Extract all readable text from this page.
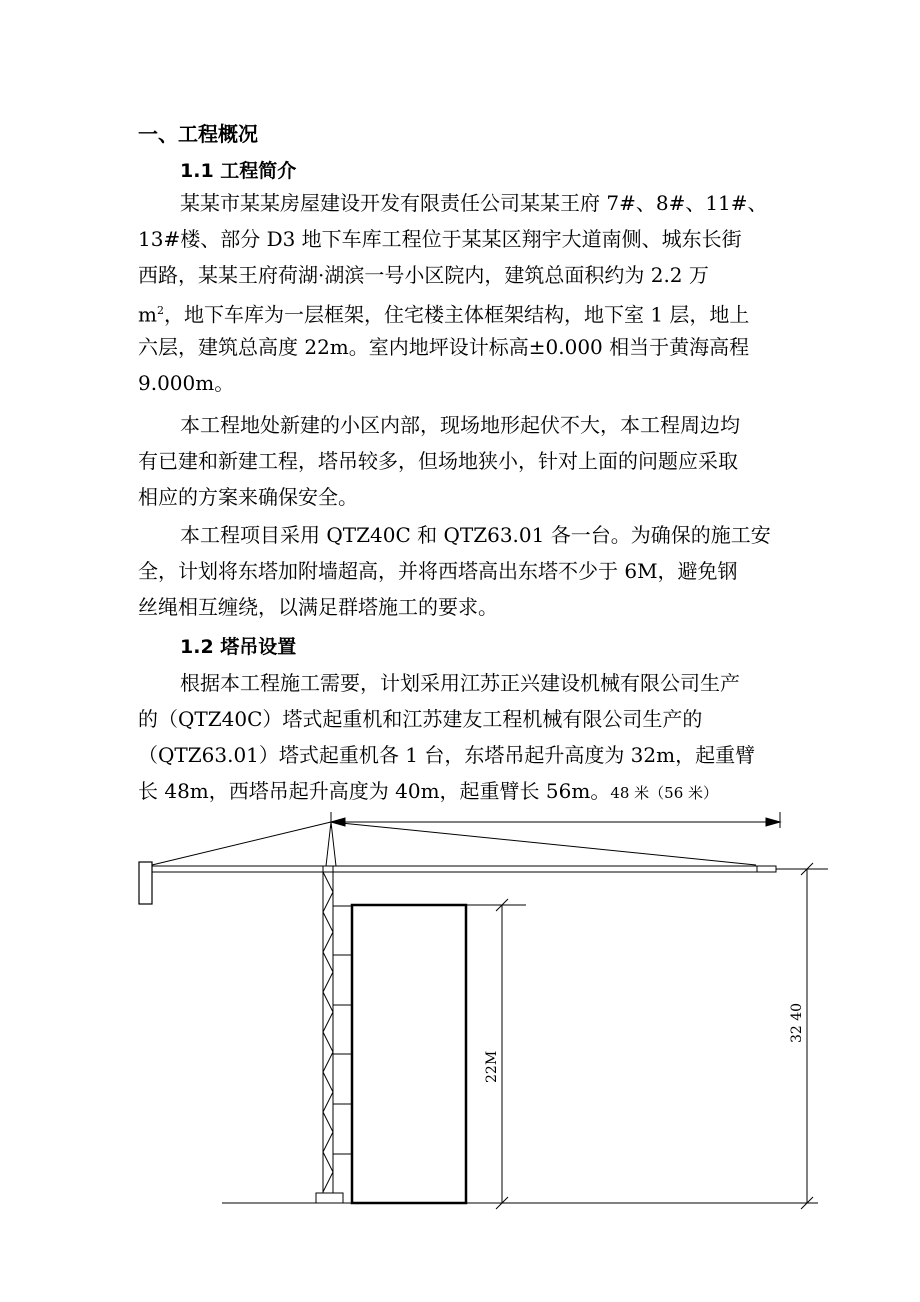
一、工程概况
1.1 工程简介
某某市某某房屋建设开发有限责任公司某某王府 7#、8#、11#、
13#楼、部分 D3 地下车库工程位于某某区翔宇大道南侧、城东长街
西路，某某王府荷湖·湖滨一号小区院内，建筑总面积约为 2.2 万
$m^2$，地下车库为一层框架，住宅楼主体框架结构，地下室 1 层，地上
六层，建筑总高度 22m。室内地坪设计标高±0.000 相当于黄海高程
9.000m。
本工程地处新建的小区内部，现场地形起伏不大，本工程周边均
有已建和新建工程，塔吊较多，但场地狭小，针对上面的问题应采取
相应的方案来确保安全。
本工程项目采用 QTZ40C 和 QTZ63.01 各一台。为确保的施工安
全，计划将东塔加附墙超高，并将西塔高出东塔不少于 6M，避免钢
丝绳相互缠绕，以满足群塔施工的要求。
1.2 塔吊设置
根据本工程施工需要，计划采用江苏正兴建设机械有限公司生产
的（QTZ40C）塔式起重机和江苏建友工程机械有限公司生产的
（QTZ63.01）塔式起重机各 1 台，东塔吊起升高度为 32m，起重臂
长 48m，西塔吊起升高度为 40m，起重臂长 56m。48 米（56 米）
22M
32 40
